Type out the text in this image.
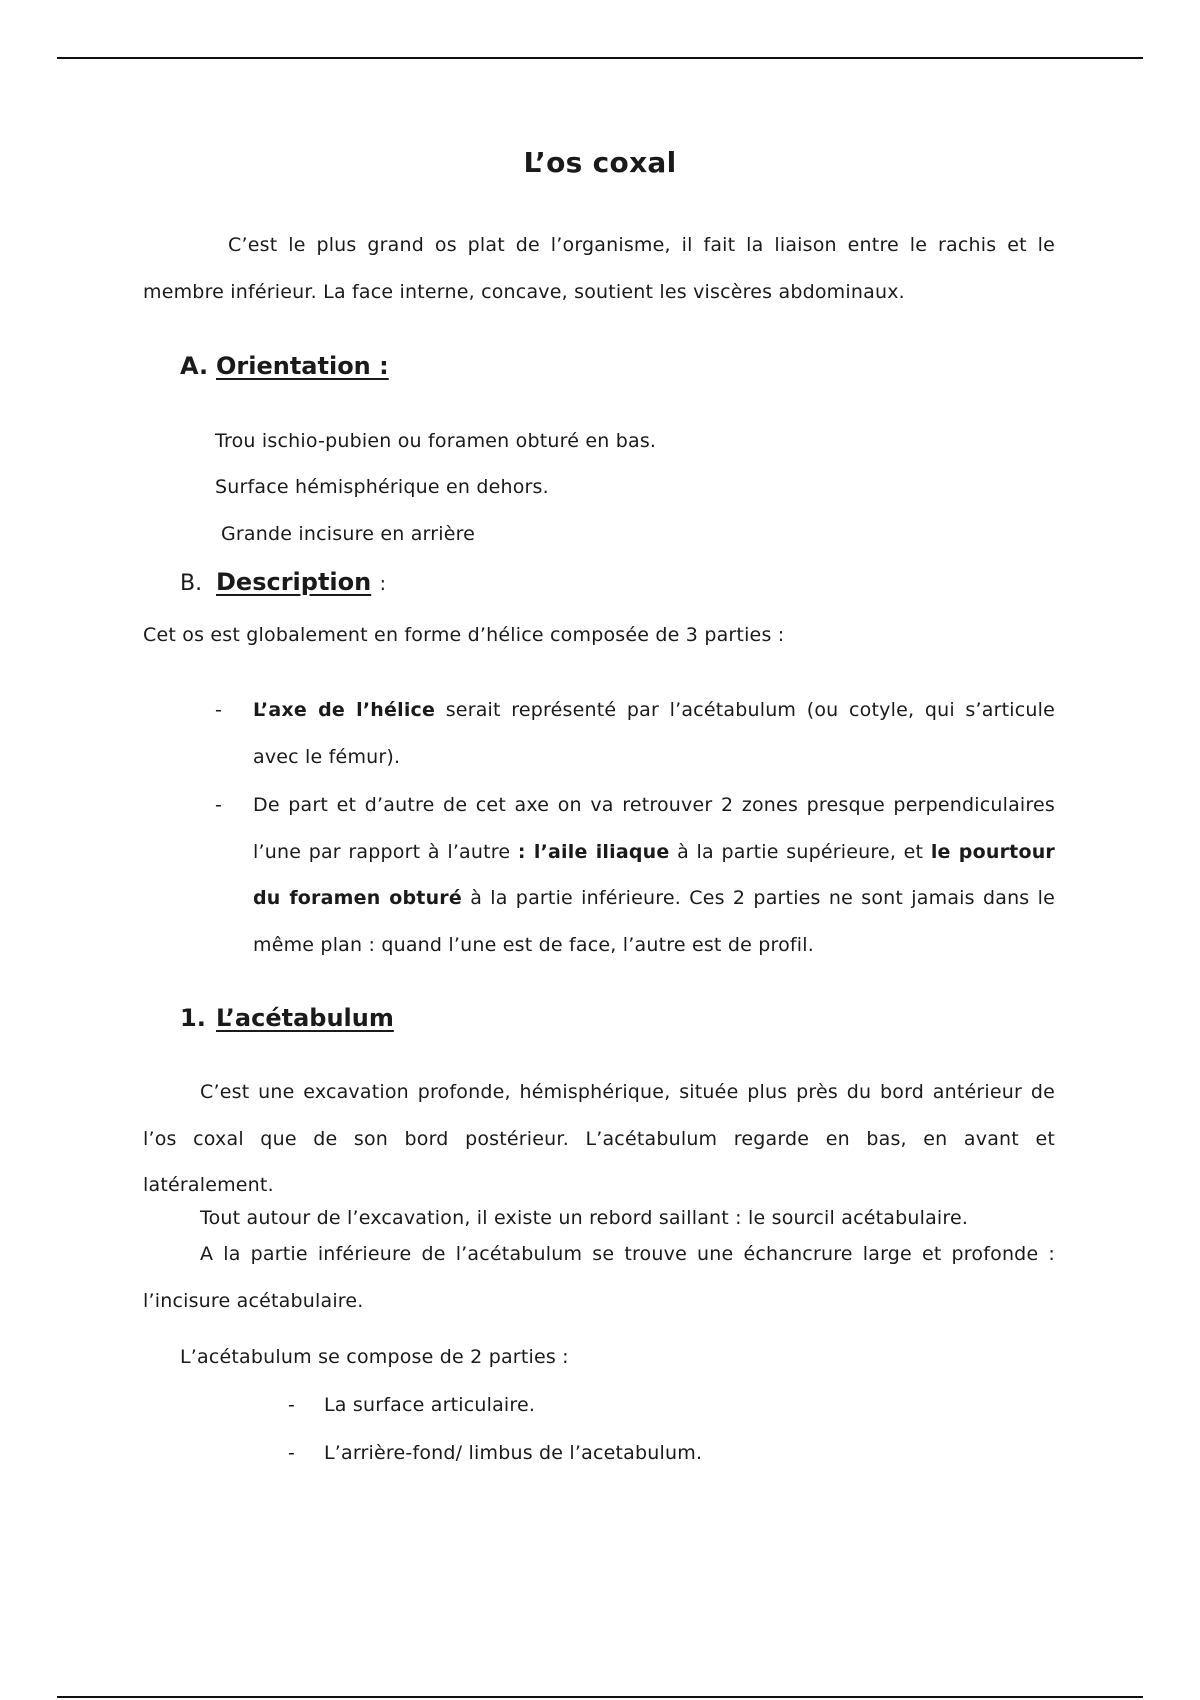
L’os coxal
C’est le plus grand os plat de l’organisme, il fait la liaison entre le rachis et le membre inférieur. La face interne, concave, soutient les viscères abdominaux.
A. Orientation :
Trou ischio-pubien ou foramen obturé en bas.
Surface hémisphérique en dehors.
Grande incisure en arrière
B. Description :
Cet os est globalement en forme d’hélice composée de 3 parties :
- L’axe de l’hélice serait représenté par l’acétabulum (ou cotyle, qui s’articule avec le fémur).
- De part et d’autre de cet axe on va retrouver 2 zones presque perpendiculaires l’une par rapport à l’autre : l’aile iliaque à la partie supérieure, et le pourtour du foramen obturé à la partie inférieure. Ces 2 parties ne sont jamais dans le même plan : quand l’une est de face, l’autre est de profil.
1. L’acétabulum
C’est une excavation profonde, hémisphérique, située plus près du bord antérieur de l’os coxal que de son bord postérieur. L’acétabulum regarde en bas, en avant et latéralement.
Tout autour de l’excavation, il existe un rebord saillant : le sourcil acétabulaire.
A la partie inférieure de l’acétabulum se trouve une échancrure large et profonde : l’incisure acétabulaire.
L’acétabulum se compose de 2 parties :
- La surface articulaire.
- L’arrière-fond/ limbus de l’acetabulum.
